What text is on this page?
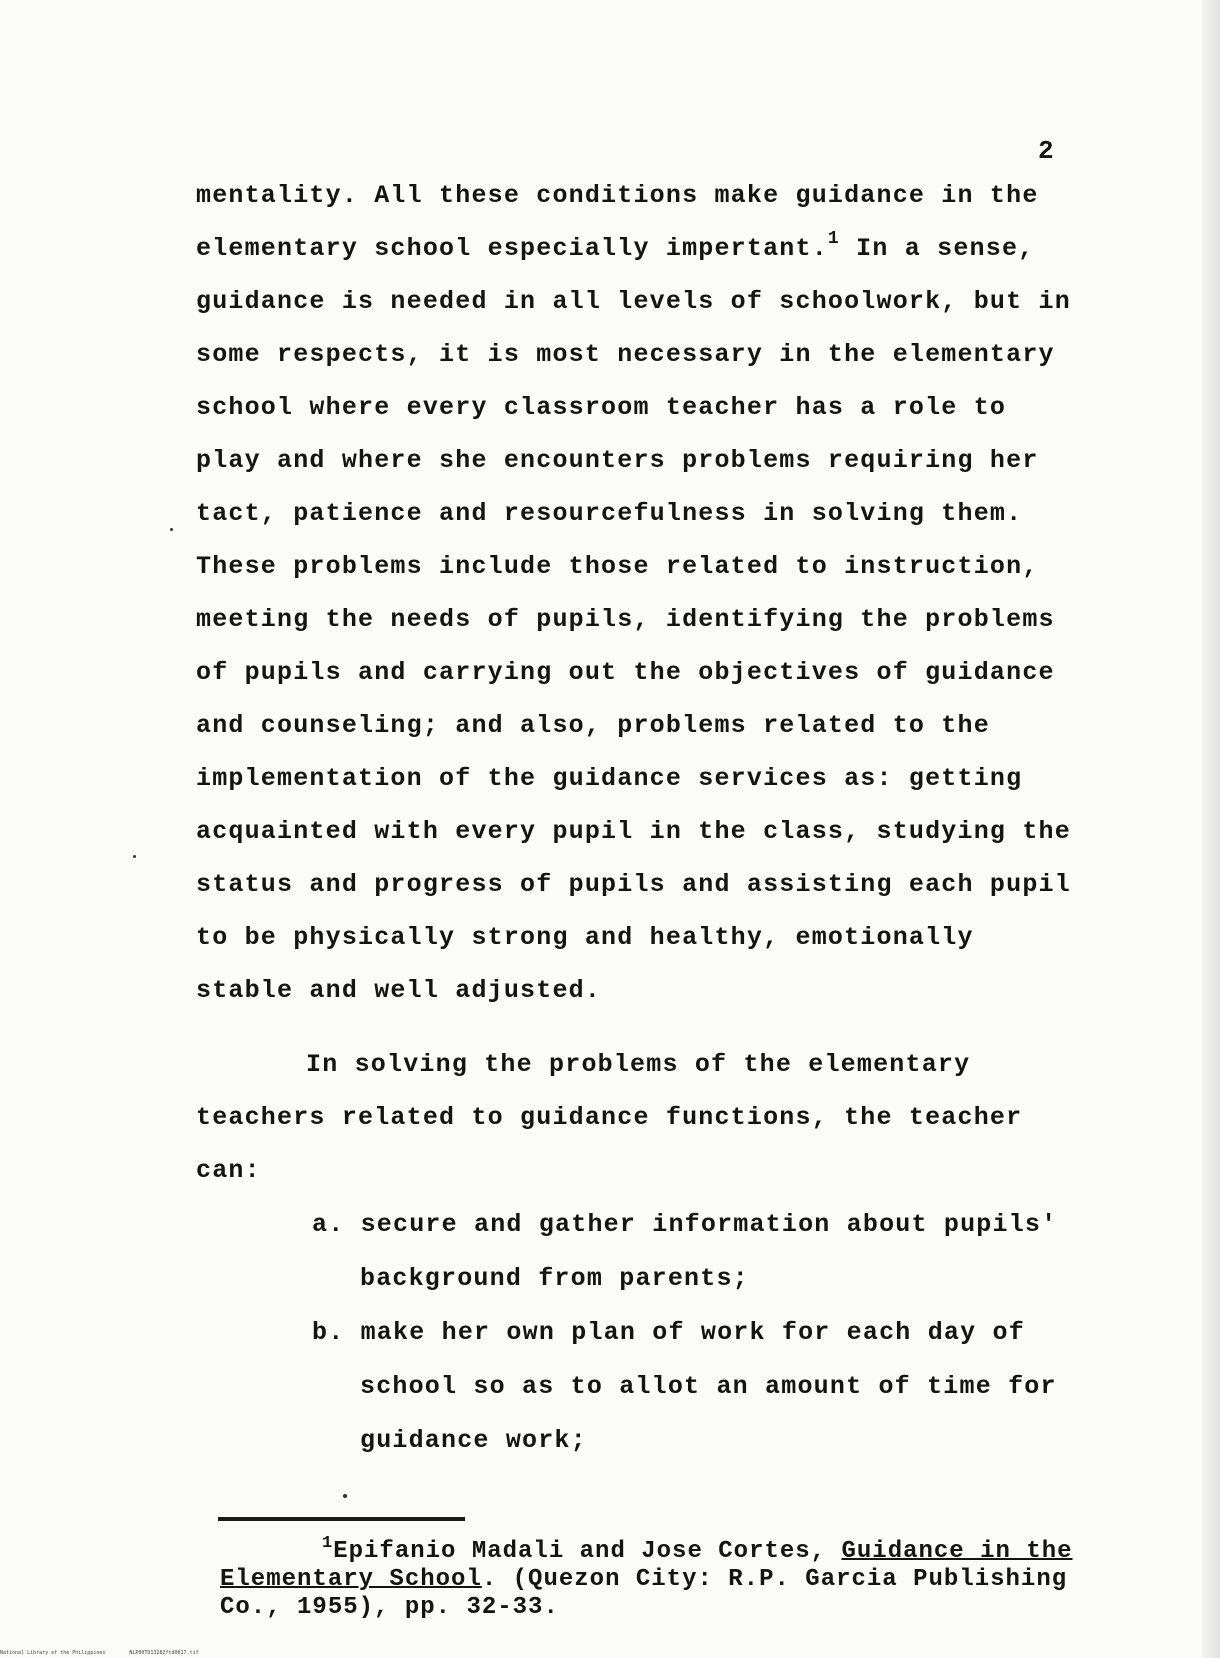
2
mentality. All these conditions make guidance in the
elementary school especially impertant.$^1$ In a sense,
guidance is needed in all levels of schoolwork, but in
some respects, it is most necessary in the elementary
school where every classroom teacher has a role to
play and where she encounters problems requiring her
tact, patience and resourcefulness in solving them.
These problems include those related to instruction,
meeting the needs of pupils, identifying the problems
of pupils and carrying out the objectives of guidance
and counseling; and also, problems related to the
implementation of the guidance services as: getting
acquainted with every pupil in the class, studying the
status and progress of pupils and assisting each pupil
to be physically strong and healthy, emotionally
stable and well adjusted.
In solving the problems of the elementary
teachers related to guidance functions, the teacher
can:
a. secure and gather information about pupils'
background from parents;
b. make her own plan of work for each day of
school so as to allot an amount of time for
guidance work;
$^1$Epifanio Madali and Jose Cortes, Guidance in the
Elementary School. (Quezon City: R.P. Garcia Publishing
Co., 1955), pp. 32-33.
National Library of the Philippines	NLP00TD13282ftd0017.tif
